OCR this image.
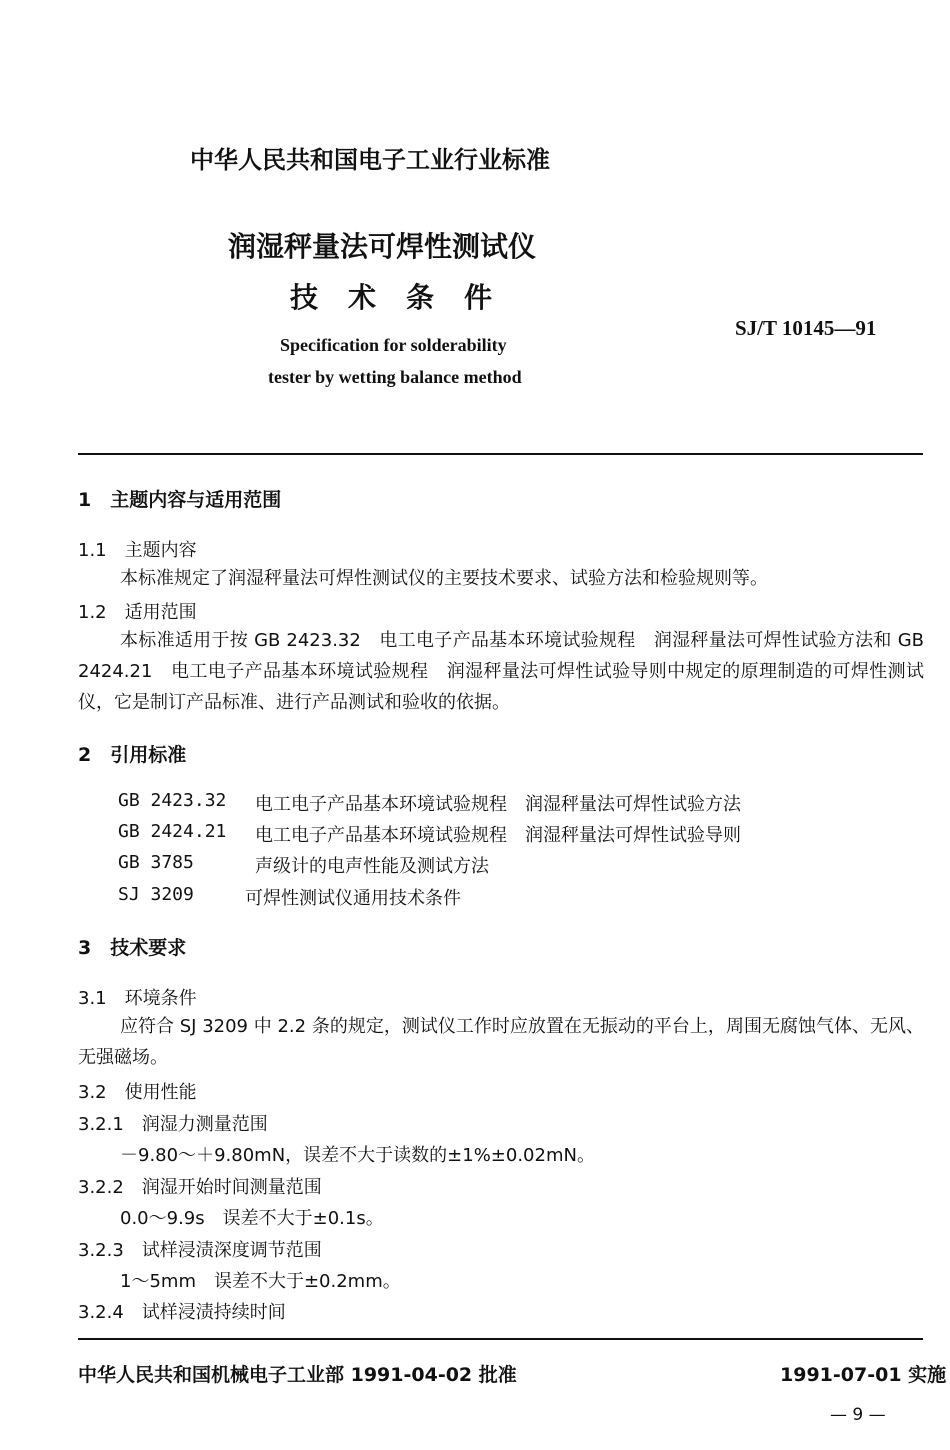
中华人民共和国电子工业行业标准
润湿秤量法可焊性测试仪
技术条件
SJ/T 10145—91
Specification for solderability
tester by wetting balance method
1　主题内容与适用范围
1.1　主题内容
本标准规定了润湿秤量法可焊性测试仪的主要技术要求、试验方法和检验规则等。
1.2　适用范围
本标准适用于按 GB 2423.32　电工电子产品基本环境试验规程　润湿秤量法可焊性试验方法和 GB 2424.21　电工电子产品基本环境试验规程　润湿秤量法可焊性试验导则中规定的原理制造的可焊性测试仪，它是制订产品标准、进行产品测试和验收的依据。
2　引用标准
GB 2423.32 电工电子产品基本环境试验规程　润湿秤量法可焊性试验方法
GB 2424.21 电工电子产品基本环境试验规程　润湿秤量法可焊性试验导则
GB 3785	声级计的电声性能及测试方法
SJ 3209	可焊性测试仪通用技术条件
3　技术要求
3.1　环境条件
应符合 SJ 3209 中 2.2 条的规定，测试仪工作时应放置在无振动的平台上，周围无腐蚀气体、无风、无强磁场。
3.2　使用性能
3.2.1　润湿力测量范围
－9.80～＋9.80mN，误差不大于读数的±1%±0.02mN。
3.2.2　润湿开始时间测量范围
0.0～9.9s　误差不大于±0.1s。
3.2.3　试样浸渍深度调节范围
1～5mm　误差不大于±0.2mm。
3.2.4　试样浸渍持续时间
中华人民共和国机械电子工业部 1991-04-02 批准	1991-07-01 实施
— 9 —
